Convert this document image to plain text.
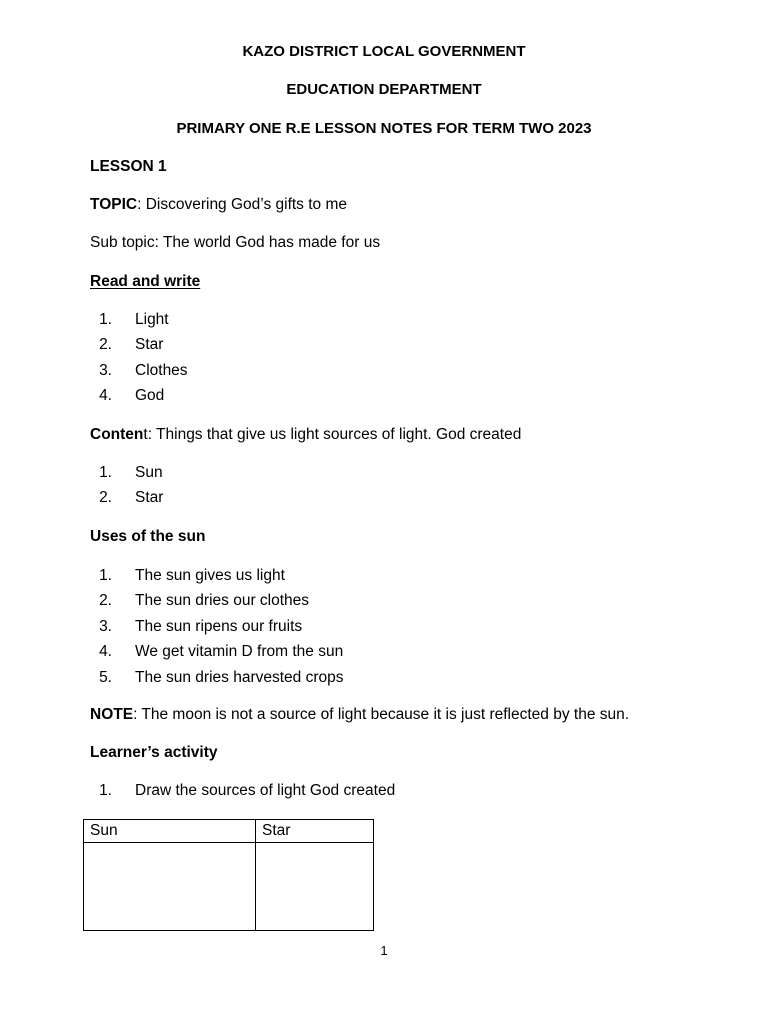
KAZO DISTRICT LOCAL GOVERNMENT
EDUCATION DEPARTMENT
PRIMARY ONE R.E LESSON NOTES FOR TERM TWO 2023
LESSON 1
TOPIC: Discovering God’s gifts to me
Sub topic: The world God has made for us
Read and write
1. Light
2. Star
3. Clothes
4. God
Content: Things that give us light sources of light. God created
1. Sun
2. Star
Uses of the sun
1. The sun gives us light
2. The sun dries our clothes
3. The sun ripens our fruits
4. We get vitamin D from the sun
5. The sun dries harvested crops
NOTE: The moon is not a source of light because it is just reflected by the sun.
Learner’s activity
1. Draw the sources of light God created
Sun	Star

1
